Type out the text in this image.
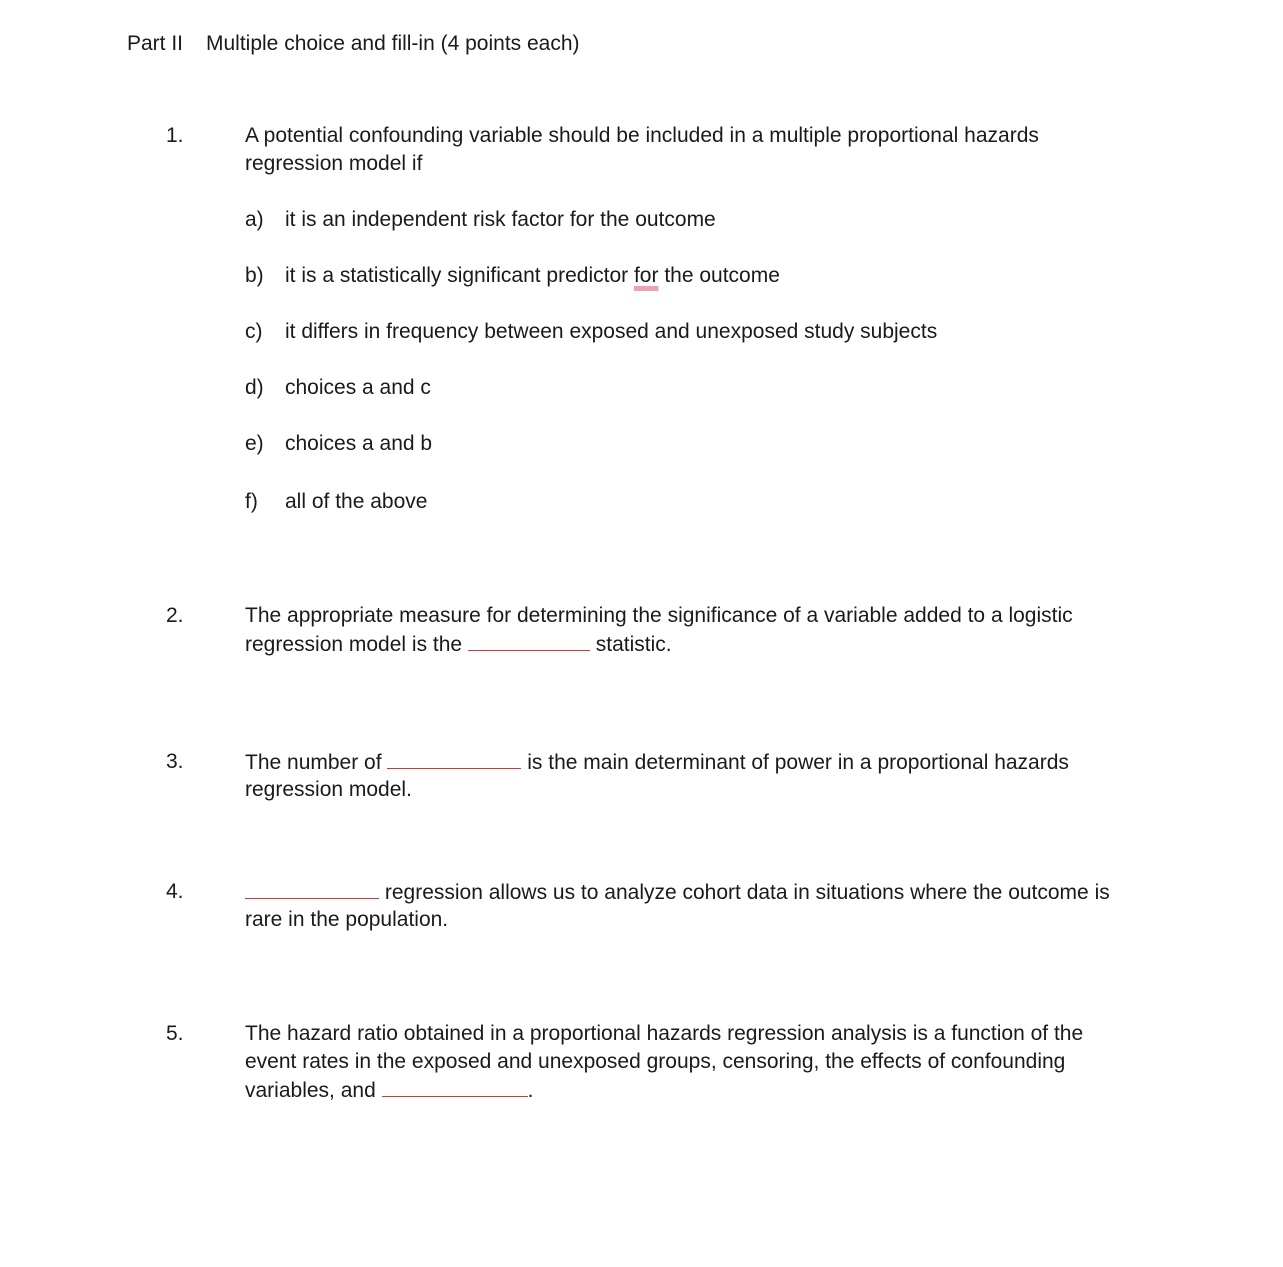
Part II Multiple choice and fill-in (4 points each)
1.	A potential confounding variable should be included in a multiple proportional hazards
regression model if
a) it is an independent risk factor for the outcome
b) it is a statistically significant predictor for the outcome
c) it differs in frequency between exposed and unexposed study subjects
d) choices a and c
e) choices a and b
f) all of the above
2.	The appropriate measure for determining the significance of a variable added to a logistic
regression model is the	statistic.
3.	The number of	is the main determinant of power in a proportional hazards
regression model.
4.	regression allows us to analyze cohort data in situations where the outcome is
rare in the population.
5.	The hazard ratio obtained in a proportional hazards regression analysis is a function of the
event rates in the exposed and unexposed groups, censoring, the effects of confounding
variables, and	.
